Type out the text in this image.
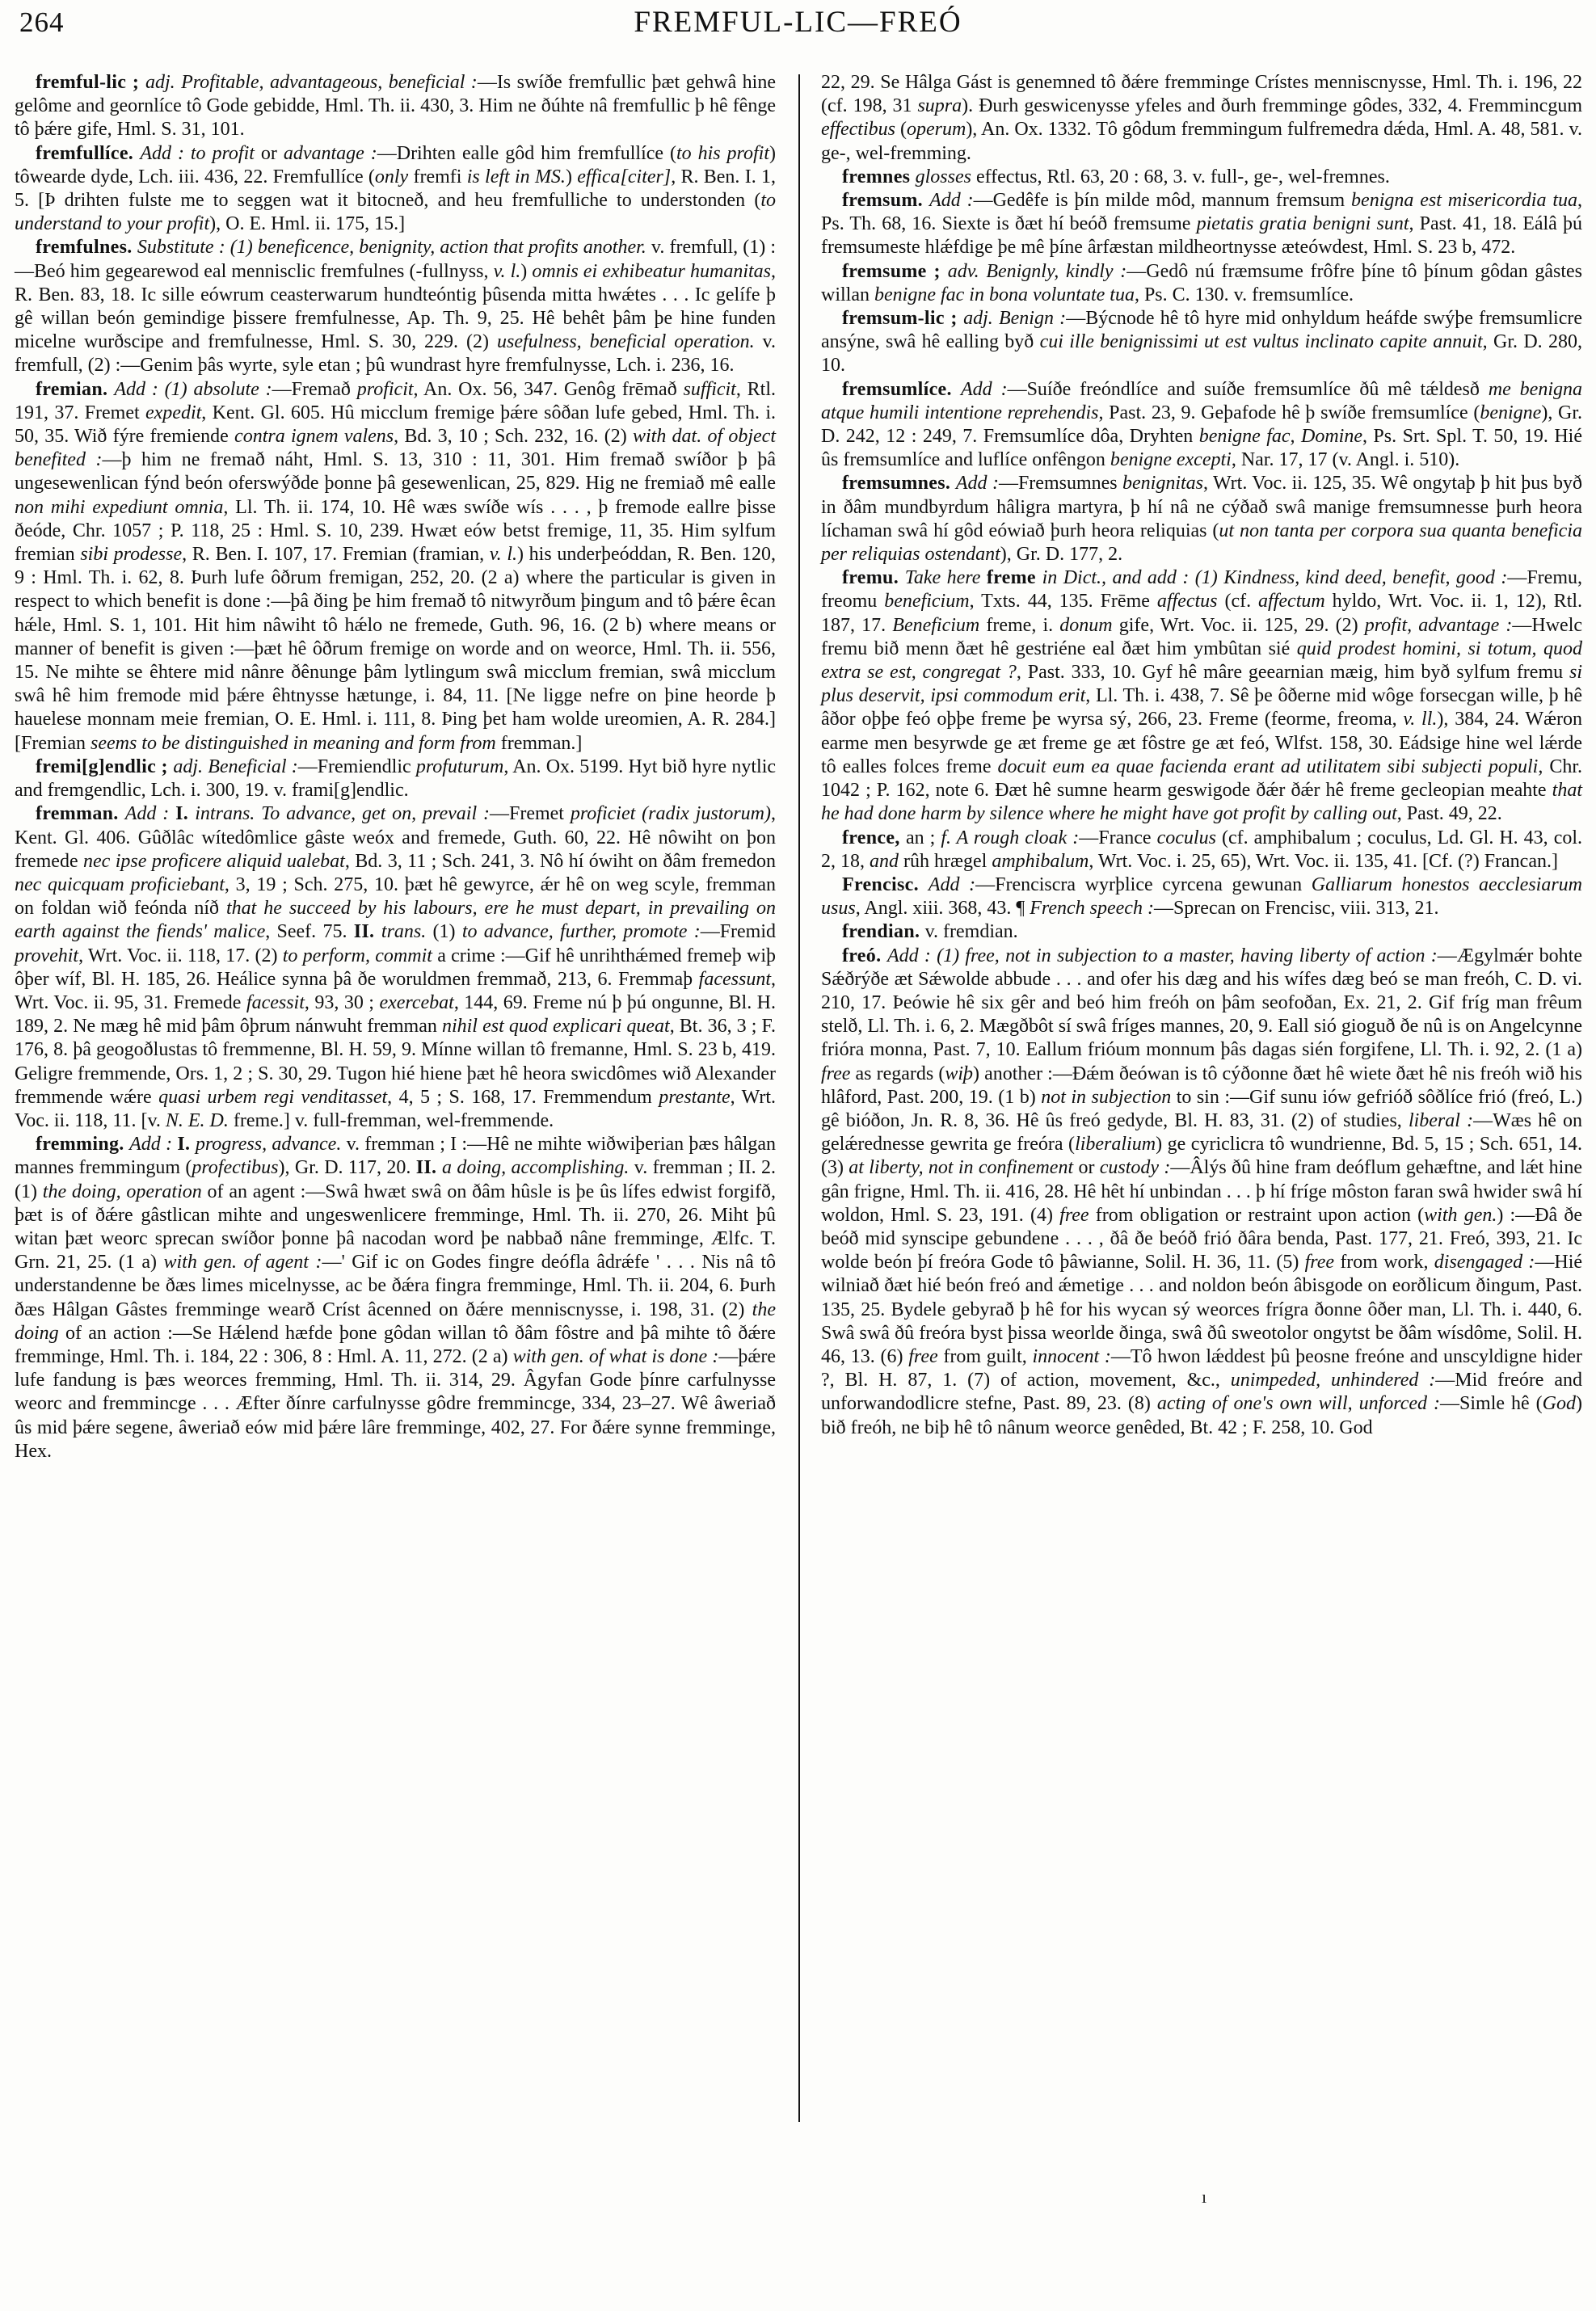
264	FREMFUL-LIC—FREÓ

fremful-lic ; adj. Profitable, advantageous, beneficial :—Is swíðe fremfullic þæt gehwâ hine gelôme and geornlíce tô Gode gebidde, Hml. Th. ii. 430, 3. Him ne ðúhte nâ fremfullic þ hê fênge tô þǽre gife, Hml. S. 31, 101.

fremfullíce. Add : to profit or advantage :—Drihten ealle gôd him fremfullíce (to his profit) tôwearde dyde, Lch. iii. 436, 22. Fremfullíce (only fremfi is left in MS.) effica[citer], R. Ben. I. 1, 5. [Þ drihten fulste me to seggen wat it bitocneð, and heu fremfulliche to understonden (to understand to your profit), O. E. Hml. ii. 175, 15.]

fremfulnes. Substitute : (1) beneficence, benignity, action that profits another. v. fremfull, (1) :—Beó him gegearewod eal mennisclic fremfulnes (-fullnyss, v. l.) omnis ei exhibeatur humanitas, R. Ben. 83, 18. Ic sille eówrum ceasterwarum hundteóntig þûsenda mitta hwǽtes . . . Ic gelífe þ gê willan beón gemindige þissere fremfulnesse, Ap. Th. 9, 25. Hê behêt þâm þe hine funden micelne wurðscipe and fremfulnesse, Hml. S. 30, 229. (2) usefulness, beneficial operation. v. fremfull, (2) :—Genim þâs wyrte, syle etan ; þû wundrast hyre fremfulnysse, Lch. i. 236, 16.

fremian. Add : (1) absolute :—Fremað proficit, An. Ox. 56, 347. Genôg frēmað sufficit, Rtl. 191, 37. Fremet expedit, Kent. Gl. 605. Hû micclum fremige þǽre sôðan lufe gebed, Hml. Th. i. 50, 35. Wið fýre fremiende contra ignem valens, Bd. 3, 10 ; Sch. 232, 16. (2) with dat. of object benefited :—þ him ne fremað náht, Hml. S. 13, 310 : 11, 301. Him fremað swíðor þ þâ ungesewenlican fýnd beón oferswýðde þonne þâ gesewenlican, 25, 829. Hig ne fremiað mê ealle non mihi expediunt omnia, Ll. Th. ii. 174, 10. Hê wæs swíðe wís . . . , þ fremode eallre þisse ðeóde, Chr. 1057 ; P. 118, 25 : Hml. S. 10, 239. Hwæt eów betst fremige, 11, 35. Him sylfum fremian sibi prodesse, R. Ben. I. 107, 17. Fremian (framian, v. l.) his underþeóddan, R. Ben. 120, 9 : Hml. Th. i. 62, 8. Þurh lufe ôðrum fremigan, 252, 20. (2 a) where the particular is given in respect to which benefit is done :—þâ ðing þe him fremað tô nitwyrðum þingum and tô þǽre êcan hǽle, Hml. S. 1, 101. Hit him nâwiht tô hǽlo ne fremede, Guth. 96, 16. (2 b) where means or manner of benefit is given :—þæt hê ôðrum fremige on worde and on weorce, Hml. Th. ii. 556, 15. Ne mihte se êhtere mid nânre ðênunge þâm lytlingum swâ micclum fremian, swâ micclum swâ hê him fremode mid þǽre êhtnysse hætunge, i. 84, 11. [Ne ligge nefre on þine heorde þ hauelese monnam meie fremian, O. E. Hml. i. 111, 8. Þing þet ham wolde ureomien, A. R. 284.] [Fremian seems to be distinguished in meaning and form from fremman.]

fremi[g]endlic ; adj. Beneficial :—Fremiendlic profuturum, An. Ox. 5199. Hyt bið hyre nytlic and fremgendlic, Lch. i. 300, 19. v. frami[g]endlic.

fremman. Add : I. intrans. To advance, get on, prevail :—Fremet proficiet (radix justorum), Kent. Gl. 406. Gûðlâc wítedômlice gâste weóx and fremede, Guth. 60, 22. Hê nôwiht on þon fremede nec ipse proficere aliquid ualebat, Bd. 3, 11 ; Sch. 241, 3. Nô hí ówiht on ðâm fremedon nec quicquam proficiebant, 3, 19 ; Sch. 275, 10. þæt hê gewyrce, ǽr hê on weg scyle, fremman on foldan wið feónda níð that he succeed by his labours, ere he must depart, in prevailing on earth against the fiends' malice, Seef. 75. II. trans. (1) to advance, further, promote :—Fremid provehit, Wrt. Voc. ii. 118, 17. (2) to perform, commit a crime :—Gif hê unrihthǽmed fremeþ wiþ ôþer wíf, Bl. H. 185, 26. Heálice synna þâ ðe woruldmen fremmað, 213, 6. Fremmaþ facessunt, Wrt. Voc. ii. 95, 31. Fremede facessit, 93, 30 ; exercebat, 144, 69. Freme nú þ þú ongunne, Bl. H. 189, 2. Ne mæg hê mid þâm ôþrum nánwuht fremman nihil est quod explicari queat, Bt. 36, 3 ; F. 176, 8. þâ geogoðlustas tô fremmenne, Bl. H. 59, 9. Mínne willan tô fremanne, Hml. S. 23 b, 419. Geligre fremmende, Ors. 1, 2 ; S. 30, 29. Tugon hié hiene þæt hê heora swicdômes wið Alexander fremmende wǽre quasi urbem regi venditasset, 4, 5 ; S. 168, 17. Fremmendum prestante, Wrt. Voc. ii. 118, 11. [v. N. E. D. freme.] v. full-fremman, wel-fremmende.

fremming. Add : I. progress, advance. v. fremman ; I :—Hê ne mihte wiðwiþerian þæs hâlgan mannes fremmingum (profectibus), Gr. D. 117, 20. II. a doing, accomplishing. v. fremman ; II. 2. (1) the doing, operation of an agent :—Swâ hwæt swâ on ðâm hûsle is þe ûs lífes edwist forgifð, þæt is of ðǽre gâstlican mihte and ungeswenlicere fremminge, Hml. Th. ii. 270, 26. Miht þû witan þæt weorc sprecan swíðor þonne þâ nacodan word þe nabbað nâne fremminge, Ælfc. T. Grn. 21, 25. (1 a) with gen. of agent :—' Gif ic on Godes fingre deófla âdrǽfe ' . . . Nis nâ tô understandenne be ðæs limes micelnysse, ac be ðǽra fingra fremminge, Hml. Th. ii. 204, 6. Þurh ðæs Hâlgan Gâstes fremminge wearð Críst âcenned on ðǽre menniscnysse, i. 198, 31. (2) the doing of an action :—Se Hǽlend hæfde þone gôdan willan tô ðâm fôstre and þâ mihte tô ðǽre fremminge, Hml. Th. i. 184, 22 : 306, 8 : Hml. A. 11, 272. (2 a) with gen. of what is done :—þǽre lufe fandung is þæs weorces fremming, Hml. Th. ii. 314, 29. Âgyfan Gode þínre carfulnysse weorc and fremmincge . . . Æfter ðínre carfulnysse gôdre fremmincge, 334, 23–27. Wê âweriað ûs mid þǽre segene, âweriað eów mid þǽre lâre fremminge, 402, 27. For ðǽre synne fremminge, Hex.

22, 29. Se Hâlga Gást is genemned tô ðǽre fremminge Crístes menniscnysse, Hml. Th. i. 196, 22 (cf. 198, 31 supra). Ðurh geswicenysse yfeles and ðurh fremminge gôdes, 332, 4. Fremmincgum effectibus (operum), An. Ox. 1332. Tô gôdum fremmingum fulfremedra dǽda, Hml. A. 48, 581. v. ge-, wel-fremming.

fremnes glosses effectus, Rtl. 63, 20 : 68, 3. v. full-, ge-, wel-fremnes.

fremsum. Add :—Gedêfe is þín milde môd, mannum fremsum benigna est misericordia tua, Ps. Th. 68, 16. Siexte is ðæt hí beóð fremsume pietatis gratia benigni sunt, Past. 41, 18. Eálâ þú fremsumeste hlǽfdige þe mê þíne ârfæstan mildheortnysse æteówdest, Hml. S. 23 b, 472.

fremsume ; adv. Benignly, kindly :—Gedô nú fræmsume frôfre þíne tô þínum gôdan gâstes willan benigne fac in bona voluntate tua, Ps. C. 130. v. fremsumlíce.

fremsum-lic ; adj. Benign :—Býcnode hê tô hyre mid onhyldum heáfde swýþe fremsumlicre ansýne, swâ hê ealling byð cui ille benignissimi ut est vultus inclinato capite annuit, Gr. D. 280, 10.

fremsumlíce. Add :—Suíðe freóndlíce and suíðe fremsumlíce ðû mê tǽldesð me benigna atque humili intentione reprehendis, Past. 23, 9. Geþafode hê þ swíðe fremsumlíce (benigne), Gr. D. 242, 12 : 249, 7. Fremsumlíce dôa, Dryhten benigne fac, Domine, Ps. Srt. Spl. T. 50, 19. Hié ûs fremsumlíce and luflíce onfêngon benigne excepti, Nar. 17, 17 (v. Angl. i. 510).

fremsumnes. Add :—Fremsumnes benignitas, Wrt. Voc. ii. 125, 35. Wê ongytaþ þ hit þus byð in ðâm mundbyrdum hâligra martyra, þ hí nâ ne cýðað swâ manige fremsumnesse þurh heora líchaman swâ hí gôd eówiað þurh heora reliquias (ut non tanta per corpora sua quanta beneficia per reliquias ostendant), Gr. D. 177, 2.

fremu. Take here freme in Dict., and add : (1) Kindness, kind deed, benefit, good :—Fremu, freomu beneficium, Txts. 44, 135. Frēme affectus (cf. affectum hyldo, Wrt. Voc. ii. 1, 12), Rtl. 187, 17. Beneficium freme, i. donum gife, Wrt. Voc. ii. 125, 29. (2) profit, advantage :—Hwelc fremu bið menn ðæt hê gestriéne eal ðæt him ymbûtan sié quid prodest homini, si totum, quod extra se est, congregat ?, Past. 333, 10. Gyf hê mâre geearnian mæig, him byð sylfum fremu si plus deservit, ipsi commodum erit, Ll. Th. i. 438, 7. Sê þe ôðerne mid wôge forsecgan wille, þ hê âðor oþþe feó oþþe freme þe wyrsa sý, 266, 23. Freme (feorme, freoma, v. ll.), 384, 24. Wǽron earme men besyrwde ge æt freme ge æt fôstre ge æt feó, Wlfst. 158, 30. Eádsige hine wel lǽrde tô ealles folces freme docuit eum ea quae facienda erant ad utilitatem sibi subjecti populi, Chr. 1042 ; P. 162, note 6. Ðæt hê sumne hearm geswigode ðǽr ðǽr hê freme gecleopian meahte that he had done harm by silence where he might have got profit by calling out, Past. 49, 22.

frence, an ; f. A rough cloak :—France coculus (cf. amphibalum ; coculus, Ld. Gl. H. 43, col. 2, 18, and rûh hrægel amphibalum, Wrt. Voc. i. 25, 65), Wrt. Voc. ii. 135, 41. [Cf. (?) Francan.]

Frencisc. Add :—Frenciscra wyrþlice cyrcena gewunan Galliarum honestos aecclesiarum usus, Angl. xiii. 368, 43. ¶ French speech :—Sprecan on Frencisc, viii. 313, 21.

frendian. v. fremdian.

freó. Add : (1) free, not in subjection to a master, having liberty of action :—Ægylmǽr bohte Sǽðrýðe æt Sǽwolde abbude . . . and ofer his dæg and his wífes dæg beó se man freóh, C. D. vi. 210, 17. Þeówie hê six gêr and beó him freóh on þâm seofoðan, Ex. 21, 2. Gif fríg man frêum stelð, Ll. Th. i. 6, 2. Mægðbôt sí swâ fríges mannes, 20, 9. Eall sió gioguð ðe nû is on Angelcynne frióra monna, Past. 7, 10. Eallum frióum monnum þâs dagas sién forgifene, Ll. Th. i. 92, 2. (1 a) free as regards (wiþ) another :—Ðǽm ðeówan is tô cýðonne ðæt hê wiete ðæt hê nis freóh wið his hlâford, Past. 200, 19. (1 b) not in subjection to sin :—Gif sunu iów gefrióð sôðlíce frió (freó, L.) gê bióðon, Jn. R. 8, 36. Hê ûs freó gedyde, Bl. H. 83, 31. (2) of studies, liberal :—Wæs hê on gelǽrednesse gewrita ge freóra (liberalium) ge cyriclicra tô wundrienne, Bd. 5, 15 ; Sch. 651, 14. (3) at liberty, not in confinement or custody :—Âlýs ðû hine fram deóflum gehæftne, and lǽt hine gân frigne, Hml. Th. ii. 416, 28. Hê hêt hí unbindan . . . þ hí fríge môston faran swâ hwider swâ hí woldon, Hml. S. 23, 191. (4) free from obligation or restraint upon action (with gen.) :—Ðâ ðe beóð mid synscipe gebundene . . . , ðâ ðe beóð frió ðâra benda, Past. 177, 21. Freó, 393, 21. Ic wolde beón þí freóra Gode tô þâwianne, Solil. H. 36, 11. (5) free from work, disengaged :—Hié wilniað ðæt hié beón freó and ǽmetige . . . and noldon beón âbisgode on eorðlicum ðingum, Past. 135, 25. Bydele gebyrað þ hê for his wycan sý weorces frígra ðonne ôðer man, Ll. Th. i. 440, 6. Swâ swâ ðû freóra byst þissa weorlde ðinga, swâ ðû sweotolor ongytst be ðâm wísdôme, Solil. H. 46, 13. (6) free from guilt, innocent :—Tô hwon lǽddest þû þeosne freóne and unscyldigne hider ?, Bl. H. 87, 1. (7) of action, movement, &c., unimpeded, unhindered :—Mid freóre and unforwandodlicre stefne, Past. 89, 23. (8) acting of one's own will, unforced :—Simle hê (God) bið freóh, ne biþ hê tô nânum weorce genêded, Bt. 42 ; F. 258, 10. God

ı
